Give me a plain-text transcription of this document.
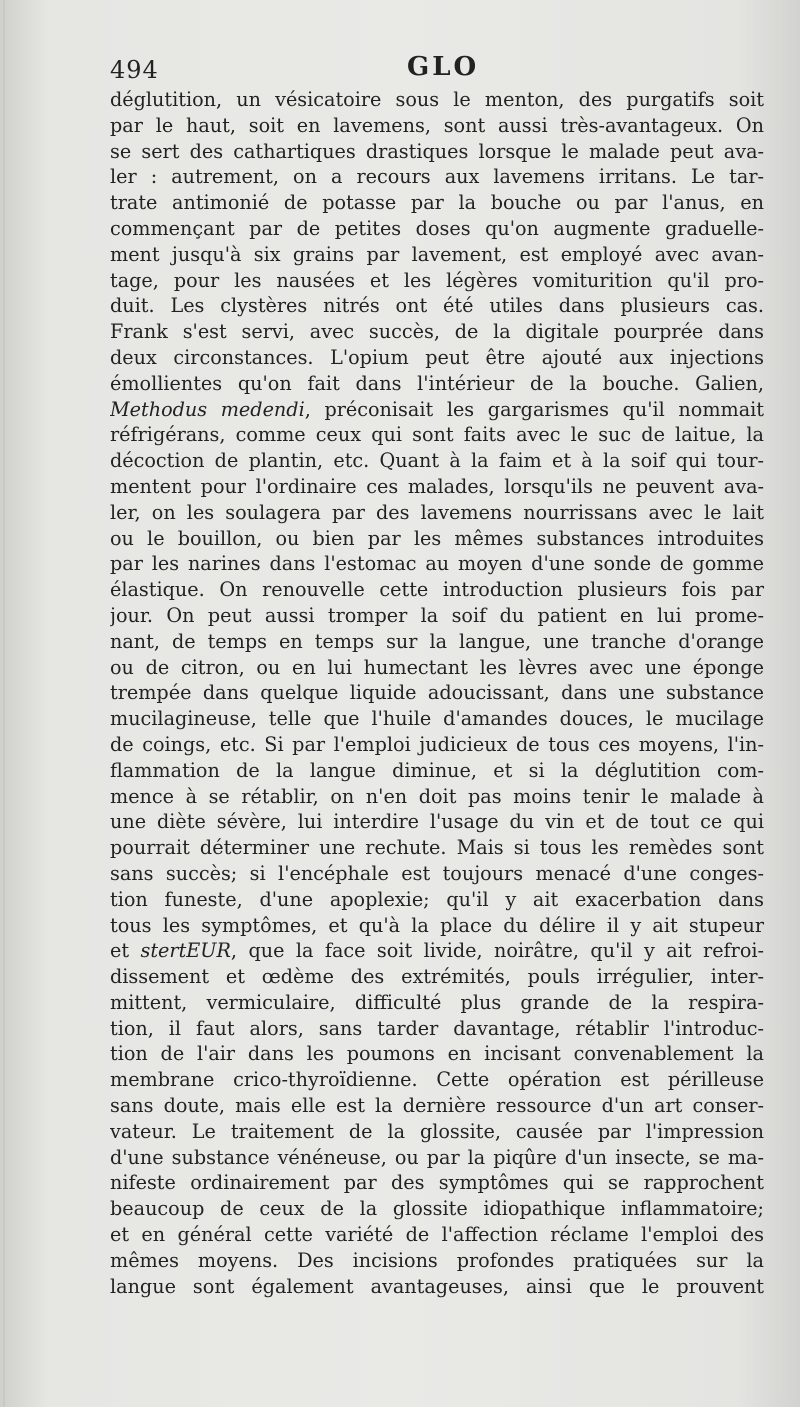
494	GLO
déglutition, un vésicatoire sous le menton, des purgatifs soit
par le haut, soit en lavemens, sont aussi très-avantageux. On
se sert des cathartiques drastiques lorsque le malade peut ava-
ler : autrement, on a recours aux lavemens irritans. Le tar-
trate antimonié de potasse par la bouche ou par l'anus, en
commençant par de petites doses qu'on augmente graduelle-
ment jusqu'à six grains par lavement, est employé avec avan-
tage, pour les nausées et les légères vomiturition qu'il pro-
duit. Les clystères nitrés ont été utiles dans plusieurs cas.
Frank s'est servi, avec succès, de la digitale pourprée dans
deux circonstances. L'opium peut être ajouté aux injections
émollientes qu'on fait dans l'intérieur de la bouche. Galien,
Methodus medendi, préconisait les gargarismes qu'il nommait
réfrigérans, comme ceux qui sont faits avec le suc de laitue, la
décoction de plantin, etc. Quant à la faim et à la soif qui tour-
mentent pour l'ordinaire ces malades, lorsqu'ils ne peuvent ava-
ler, on les soulagera par des lavemens nourrissans avec le lait
ou le bouillon, ou bien par les mêmes substances introduites
par les narines dans l'estomac au moyen d'une sonde de gomme
élastique. On renouvelle cette introduction plusieurs fois par
jour. On peut aussi tromper la soif du patient en lui prome-
nant, de temps en temps sur la langue, une tranche d'orange
ou de citron, ou en lui humectant les lèvres avec une éponge
trempée dans quelque liquide adoucissant, dans une substance
mucilagineuse, telle que l'huile d'amandes douces, le mucilage
de coings, etc. Si par l'emploi judicieux de tous ces moyens, l'in-
flammation de la langue diminue, et si la déglutition com-
mence à se rétablir, on n'en doit pas moins tenir le malade à
une diète sévère, lui interdire l'usage du vin et de tout ce qui
pourrait déterminer une rechute. Mais si tous les remèdes sont
sans succès; si l'encéphale est toujours menacé d'une conges-
tion funeste, d'une apoplexie; qu'il y ait exacerbation dans
tous les symptômes, et qu'à la place du délire il y ait stupeur
et stertEUR, que la face soit livide, noirâtre, qu'il y ait refroi-
dissement et œdème des extrémités, pouls irrégulier, inter-
mittent, vermiculaire, difficulté plus grande de la respira-
tion, il faut alors, sans tarder davantage, rétablir l'introduc-
tion de l'air dans les poumons en incisant convenablement la
membrane crico-thyroïdienne. Cette opération est périlleuse
sans doute, mais elle est la dernière ressource d'un art conser-
vateur. Le traitement de la glossite, causée par l'impression
d'une substance vénéneuse, ou par la piqûre d'un insecte, se ma-
nifeste ordinairement par des symptômes qui se rapprochent
beaucoup de ceux de la glossite idiopathique inflammatoire;
et en général cette variété de l'affection réclame l'emploi des
mêmes moyens. Des incisions profondes pratiquées sur la
langue sont également avantageuses, ainsi que le prouvent
